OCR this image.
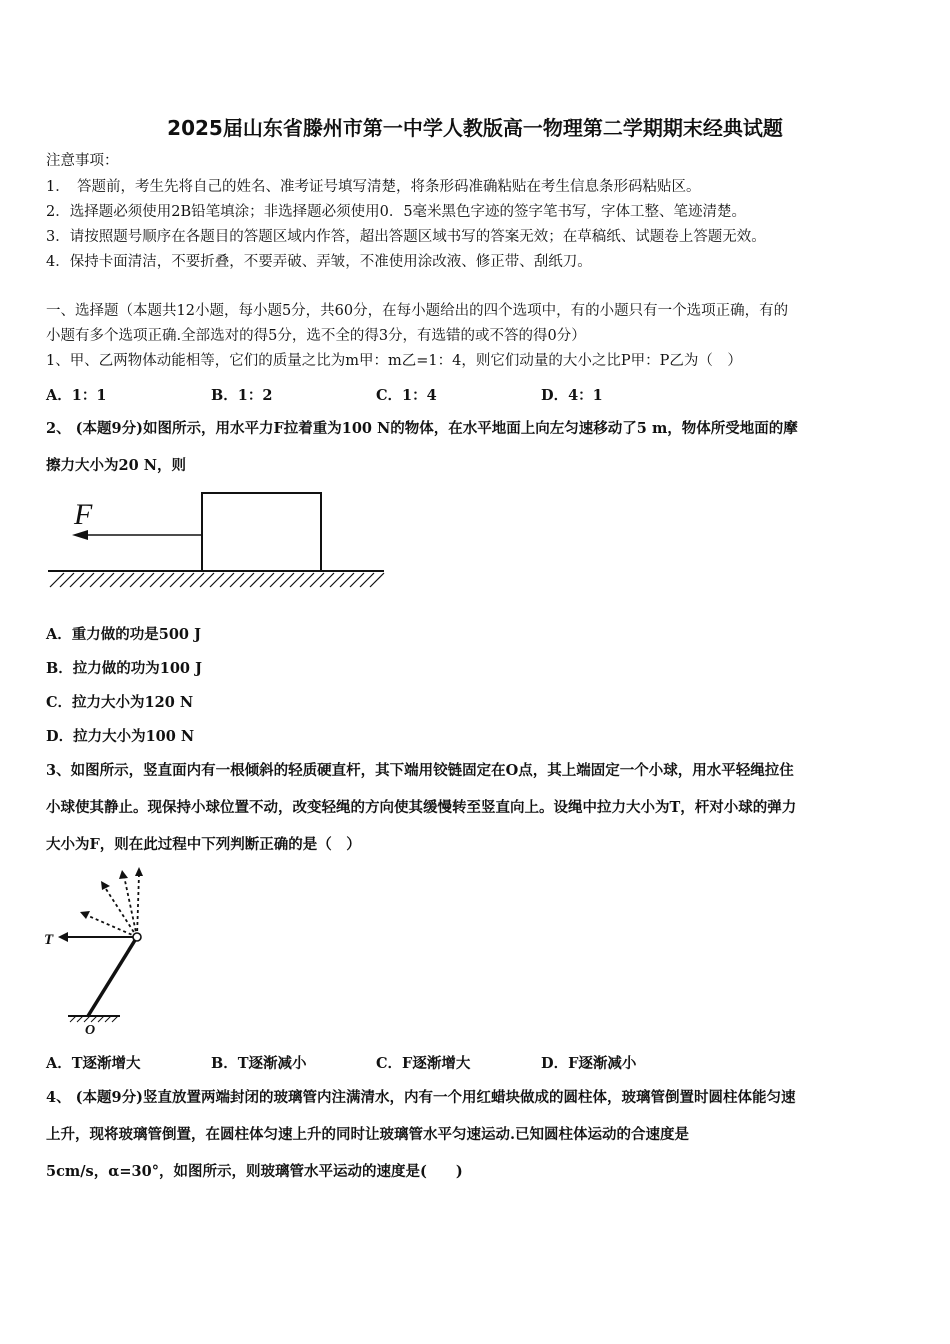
2025届山东省滕州市第一中学人教版高一物理第二学期期末经典试题
注意事项：
1．　答题前，考生先将自己的姓名、准考证号填写清楚，将条形码准确粘贴在考生信息条形码粘贴区。
2．选择题必须使用2B铅笔填涂；非选择题必须使用0．5毫米黑色字迹的签字笔书写，字体工整、笔迹清楚。
3．请按照题号顺序在各题目的答题区域内作答，超出答题区域书写的答案无效；在草稿纸、试题卷上答题无效。
4．保持卡面清洁，不要折叠，不要弄破、弄皱，不准使用涂改液、修正带、刮纸刀。
一、选择题（本题共12小题，每小题5分，共60分，在每小题给出的四个选项中，有的小题只有一个选项正确，有的
小题有多个选项正确.全部选对的得5分，选不全的得3分，有选错的或不答的得0分）
1、甲、乙两物体动能相等，它们的质量之比为m甲：m乙=1：4，则它们动量的大小之比P甲：P乙为（　）
A．1：1	B．1：2	C．1：4	D．4：1
2、 (本题9分)如图所示，用水平力F拉着重为100 N的物体，在水平地面上向左匀速移动了5 m，物体所受地面的摩
擦力大小为20 N，则
F
A．重力做的功是500 J
B．拉力做的功为100 J
C．拉力大小为120 N
D．拉力大小为100 N
3、如图所示，竖直面内有一根倾斜的轻质硬直杆，其下端用铰链固定在O点，其上端固定一个小球，用水平轻绳拉住
小球使其静止。现保持小球位置不动，改变轻绳的方向使其缓慢转至竖直向上。设绳中拉力大小为T，杆对小球的弹力
大小为F，则在此过程中下列判断正确的是（　）
T
O
A．T逐渐增大	B．T逐渐减小	C．F逐渐增大	D．F逐渐减小
4、 (本题9分)竖直放置两端封闭的玻璃管内注满清水，内有一个用红蜡块做成的圆柱体，玻璃管倒置时圆柱体能匀速
上升，现将玻璃管倒置，在圆柱体匀速上升的同时让玻璃管水平匀速运动.已知圆柱体运动的合速度是
5cm/s，α=30°，如图所示，则玻璃管水平运动的速度是(　　)
